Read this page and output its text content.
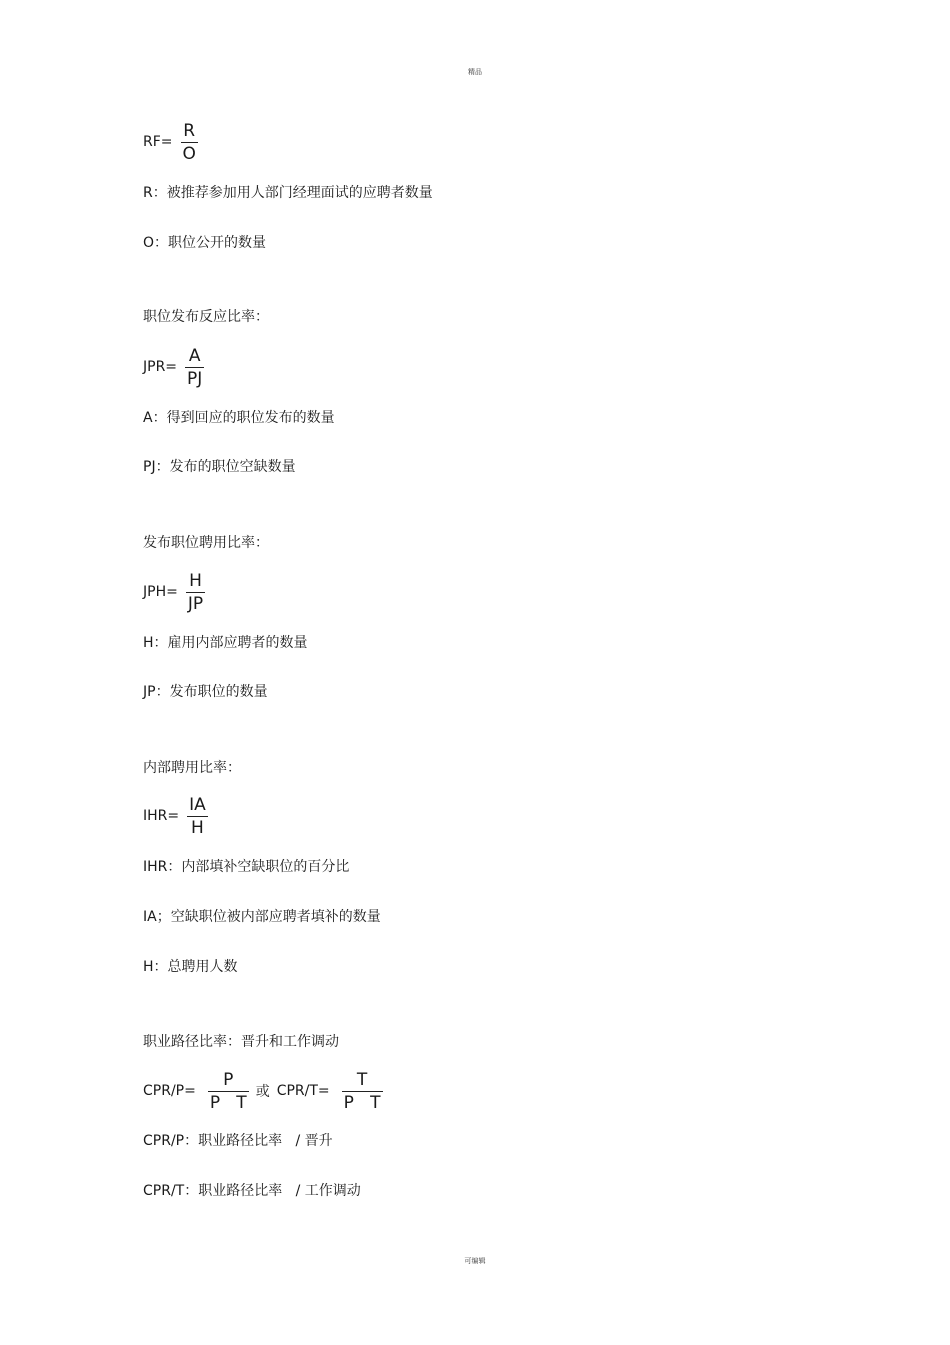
精品
$RF= \frac{R}{O}$
R：被推荐参加用人部门经理面试的应聘者数量
O：职位公开的数量
职位发布反应比率：
$JPR= \frac{A}{PJ}$
A：得到回应的职位发布的数量
PJ：发布的职位空缺数量
发布职位聘用比率：
$JPH= \frac{H}{JP}$
H：雇用内部应聘者的数量
JP：发布职位的数量
内部聘用比率：
$IHR= \frac{IA}{H}$
IHR：内部填补空缺职位的百分比
IA；空缺职位被内部应聘者填补的数量
H：总聘用人数
职业路径比率：晋升和工作调动
$CPR/P= \frac{P}{\text{P   T}}$ 或 $CPR/T= \frac{T}{\text{P   T}}$
CPR/P：职业路径比率   / 晋升
CPR/T：职业路径比率   / 工作调动
可编辑
